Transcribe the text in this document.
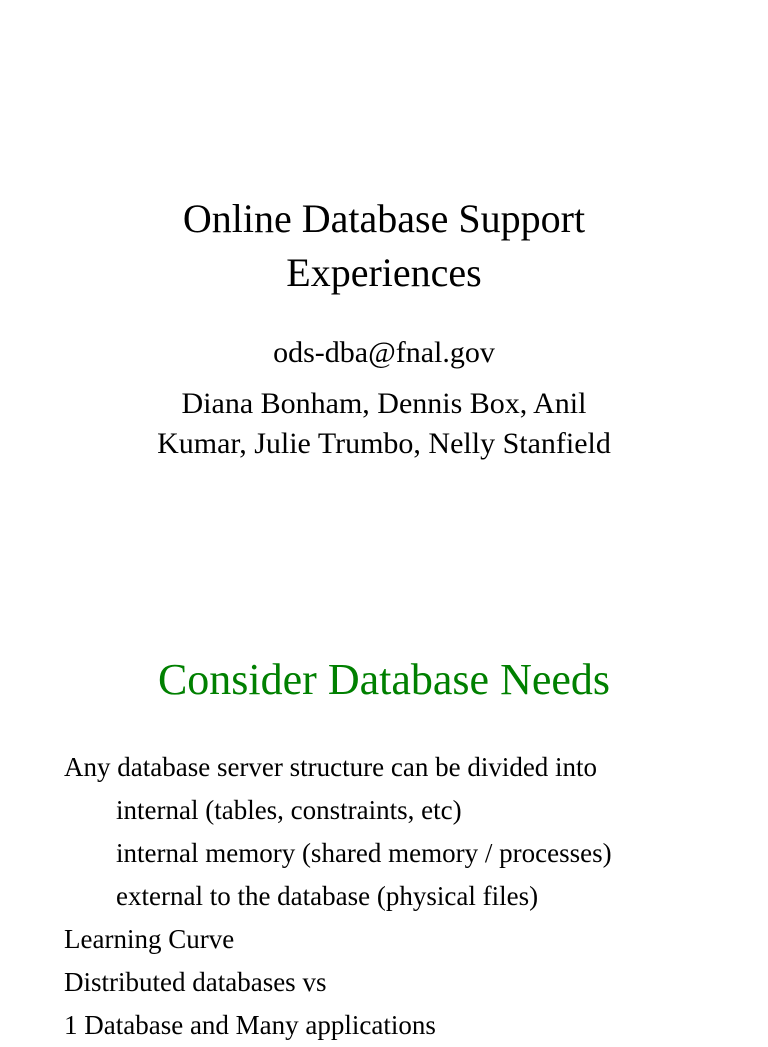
Online Database Support
Experiences
ods-dba@fnal.gov
Diana Bonham, Dennis Box, Anil
Kumar, Julie Trumbo, Nelly Stanfield
Consider Database Needs
Any database server structure can be divided into
internal (tables, constraints, etc)
internal memory (shared memory / processes)
external to the database (physical files)
Learning Curve
Distributed databases vs
1 Database and Many applications
